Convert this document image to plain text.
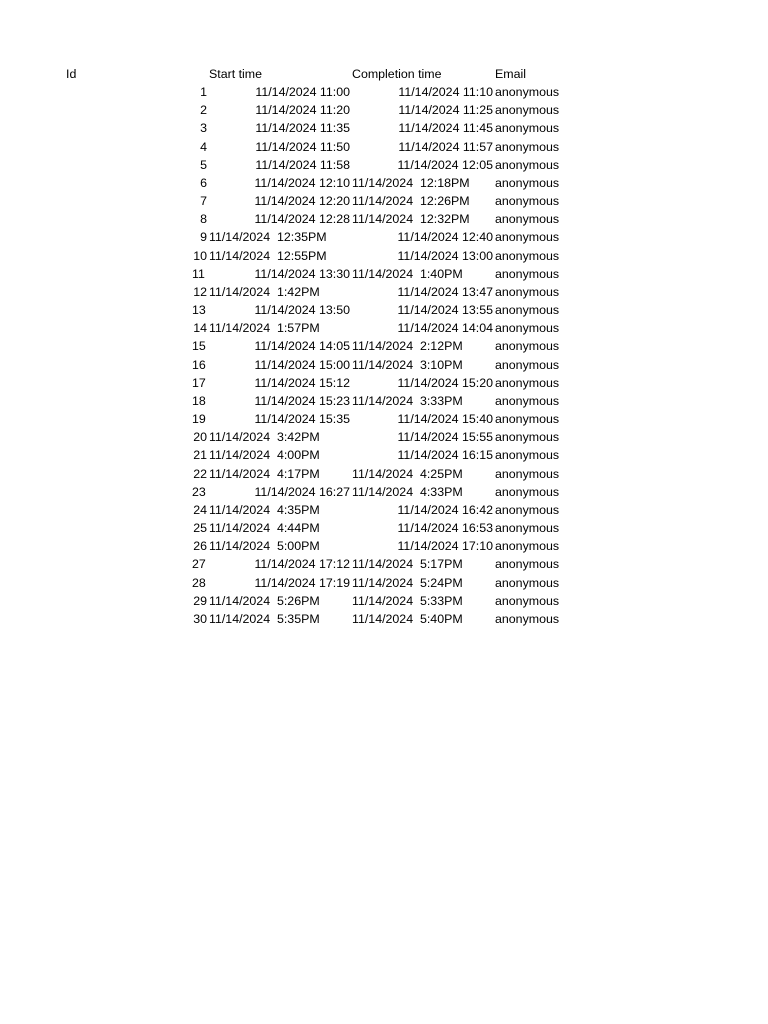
Id	Start time	Completion time	Email
1	11/14/2024 11:00	11/14/2024 11:10 anonymous
2	11/14/2024 11:20	11/14/2024 11:25 anonymous
3	11/14/2024 11:35	11/14/2024 11:45 anonymous
4	11/14/2024 11:50	11/14/2024 11:57 anonymous
5	11/14/2024 11:58	11/14/2024 12:05 anonymous
6	11/14/2024 12:10 11/14/2024  12:18PM	anonymous
7	11/14/2024 12:20 11/14/2024  12:26PM	anonymous
8	11/14/2024 12:28 11/14/2024  12:32PM	anonymous
9 11/14/2024  12:35PM	11/14/2024 12:40 anonymous
10 11/14/2024  12:55PM	11/14/2024 13:00 anonymous
11	11/14/2024 13:30 11/14/2024  1:40PM	anonymous
12 11/14/2024  1:42PM	11/14/2024 13:47 anonymous
13	11/14/2024 13:50	11/14/2024 13:55 anonymous
14 11/14/2024  1:57PM	11/14/2024 14:04 anonymous
15	11/14/2024 14:05 11/14/2024  2:12PM	anonymous
16	11/14/2024 15:00 11/14/2024  3:10PM	anonymous
17	11/14/2024 15:12	11/14/2024 15:20 anonymous
18	11/14/2024 15:23 11/14/2024  3:33PM	anonymous
19	11/14/2024 15:35	11/14/2024 15:40 anonymous
20 11/14/2024  3:42PM	11/14/2024 15:55 anonymous
21 11/14/2024  4:00PM	11/14/2024 16:15 anonymous
22 11/14/2024  4:17PM	11/14/2024  4:25PM	anonymous
23	11/14/2024 16:27 11/14/2024  4:33PM	anonymous
24 11/14/2024  4:35PM	11/14/2024 16:42 anonymous
25 11/14/2024  4:44PM	11/14/2024 16:53 anonymous
26 11/14/2024  5:00PM	11/14/2024 17:10 anonymous
27	11/14/2024 17:12 11/14/2024  5:17PM	anonymous
28	11/14/2024 17:19 11/14/2024  5:24PM	anonymous
29 11/14/2024  5:26PM	11/14/2024  5:33PM	anonymous
30 11/14/2024  5:35PM	11/14/2024  5:40PM	anonymous
